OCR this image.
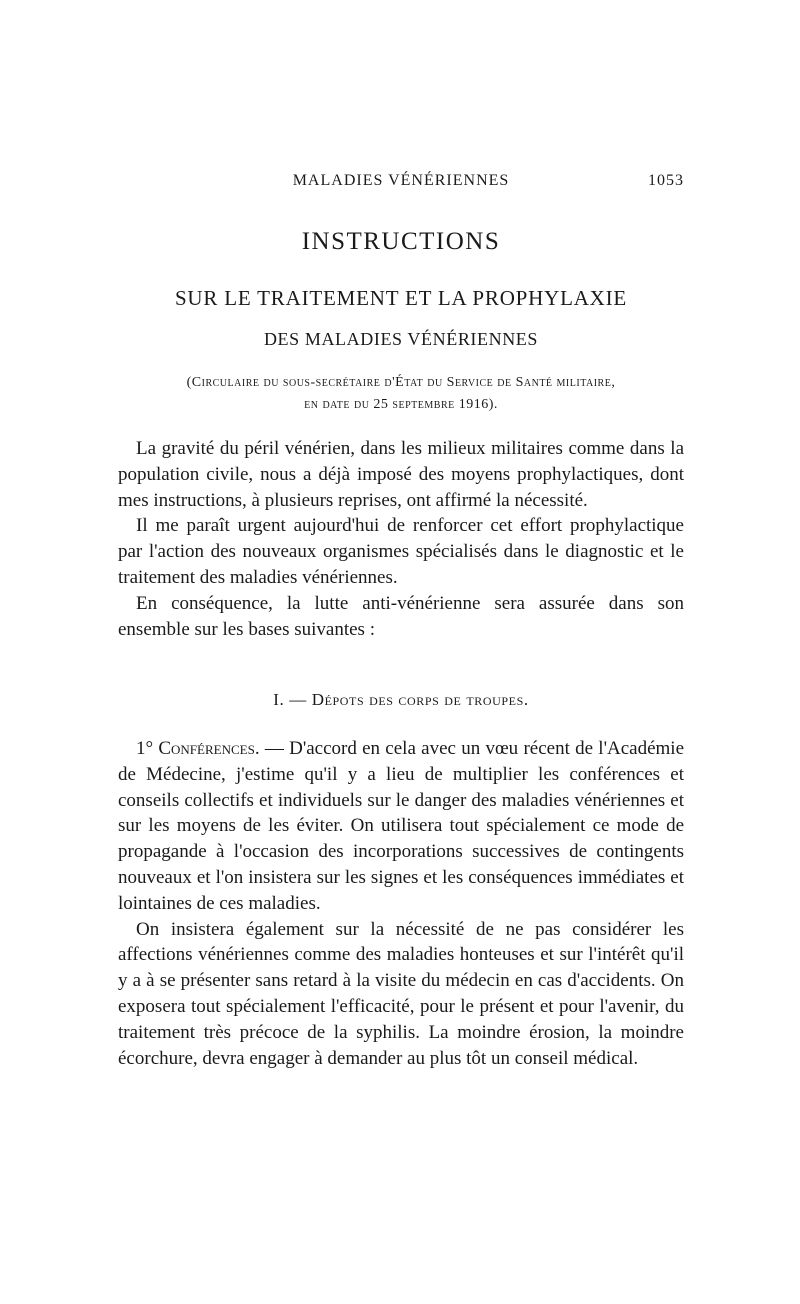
MALADIES VÉNÉRIENNES	1053
INSTRUCTIONS
SUR LE TRAITEMENT ET LA PROPHYLAXIE
DES MALADIES VÉNÉRIENNES
(Circulaire du sous-secrétaire d'État du Service de Santé militaire,
en date du 25 septembre 1916).

La gravité du péril vénérien, dans les milieux militaires comme dans la population civile, nous a déjà imposé des moyens prophylactiques, dont mes instructions, à plusieurs reprises, ont affirmé la nécessité.

Il me paraît urgent aujourd'hui de renforcer cet effort prophylactique par l'action des nouveaux organismes spécialisés dans le diagnostic et le traitement des maladies vénériennes.

En conséquence, la lutte anti-vénérienne sera assurée dans son ensemble sur les bases suivantes :

I. — Dépots des corps de troupes.

1° Conférences. — D'accord en cela avec un vœu récent de l'Académie de Médecine, j'estime qu'il y a lieu de multiplier les conférences et conseils collectifs et individuels sur le danger des maladies vénériennes et sur les moyens de les éviter. On utilisera tout spécialement ce mode de propagande à l'occasion des incorporations successives de contingents nouveaux et l'on insistera sur les signes et les conséquences immédiates et lointaines de ces maladies.

On insistera également sur la nécessité de ne pas considérer les affections vénériennes comme des maladies honteuses et sur l'intérêt qu'il y a à se présenter sans retard à la visite du médecin en cas d'accidents. On exposera tout spécialement l'efficacité, pour le présent et pour l'avenir, du traitement très précoce de la syphilis. La moindre érosion, la moindre écorchure, devra engager à demander au plus tôt un conseil médical.
